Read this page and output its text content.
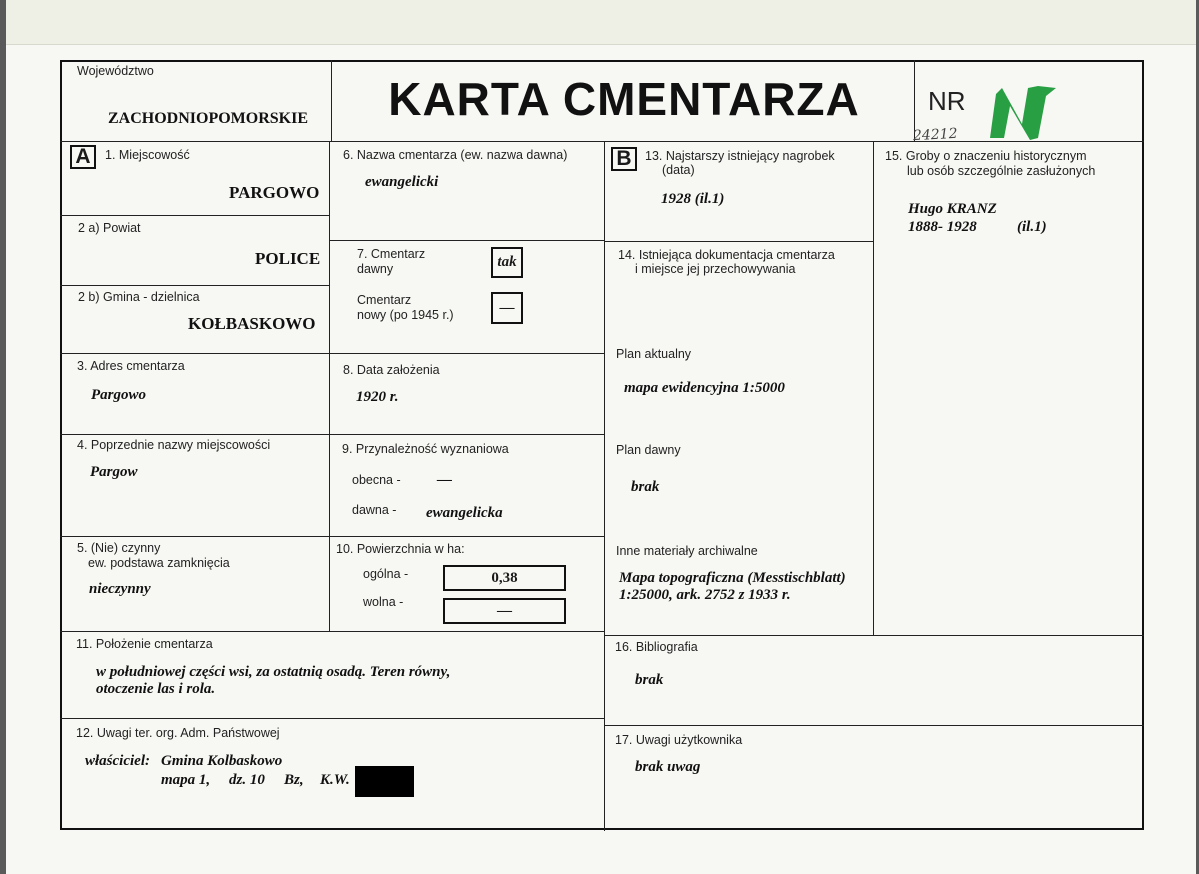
Województwo
ZACHODNIOPOMORSKIE	KARTA CMENTARZA	NR
24212
A	1. Miejscowość
PARGOWO
2 a) Powiat
POLICE
2 b) Gmina - dzielnica
KOŁBASKOWO
3. Adres cmentarza
Pargowo
4. Poprzednie nazwy miejscowości
Pargow
5. (Nie) czynny
ew. podstawa zamknięcia
nieczynny
6. Nazwa cmentarza (ew. nazwa dawna)
ewangelicki
7. Cmentarz
dawny	tak
Cmentarz
nowy (po 1945 r.)	—
8. Data założenia
1920 r.
9. Przynależność wyznaniowa
obecna - —
dawna - ewangelicka
10. Powierzchnia w ha:
ogólna -	0,38
wolna -
—
B	13. Najstarszy istniejący nagrobek
(data)
1928 (il.1)
14. Istniejąca dokumentacja cmentarza
i miejsce jej przechowywania
Plan aktualny
mapa ewidencyjna 1:5000
Plan dawny
brak
Inne materiały archiwalne
Mapa topograficzna (Messtischblatt)
1:25000, ark. 2752 z 1933 r.
15. Groby o znaczeniu historycznym
lub osób szczególnie zasłużonych
Hugo KRANZ
1888- 1928	(il.1)
11. Położenie cmentarza
w południowej części wsi, za ostatnią osadą. Teren równy,
otoczenie las i rola.
12. Uwagi ter. org. Adm. Państwowej
właściciel: Gmina Kolbaskowo
mapa 1, dz. 10 Bz, K.W.
16. Bibliografia
brak
17. Uwagi użytkownika
brak uwag
